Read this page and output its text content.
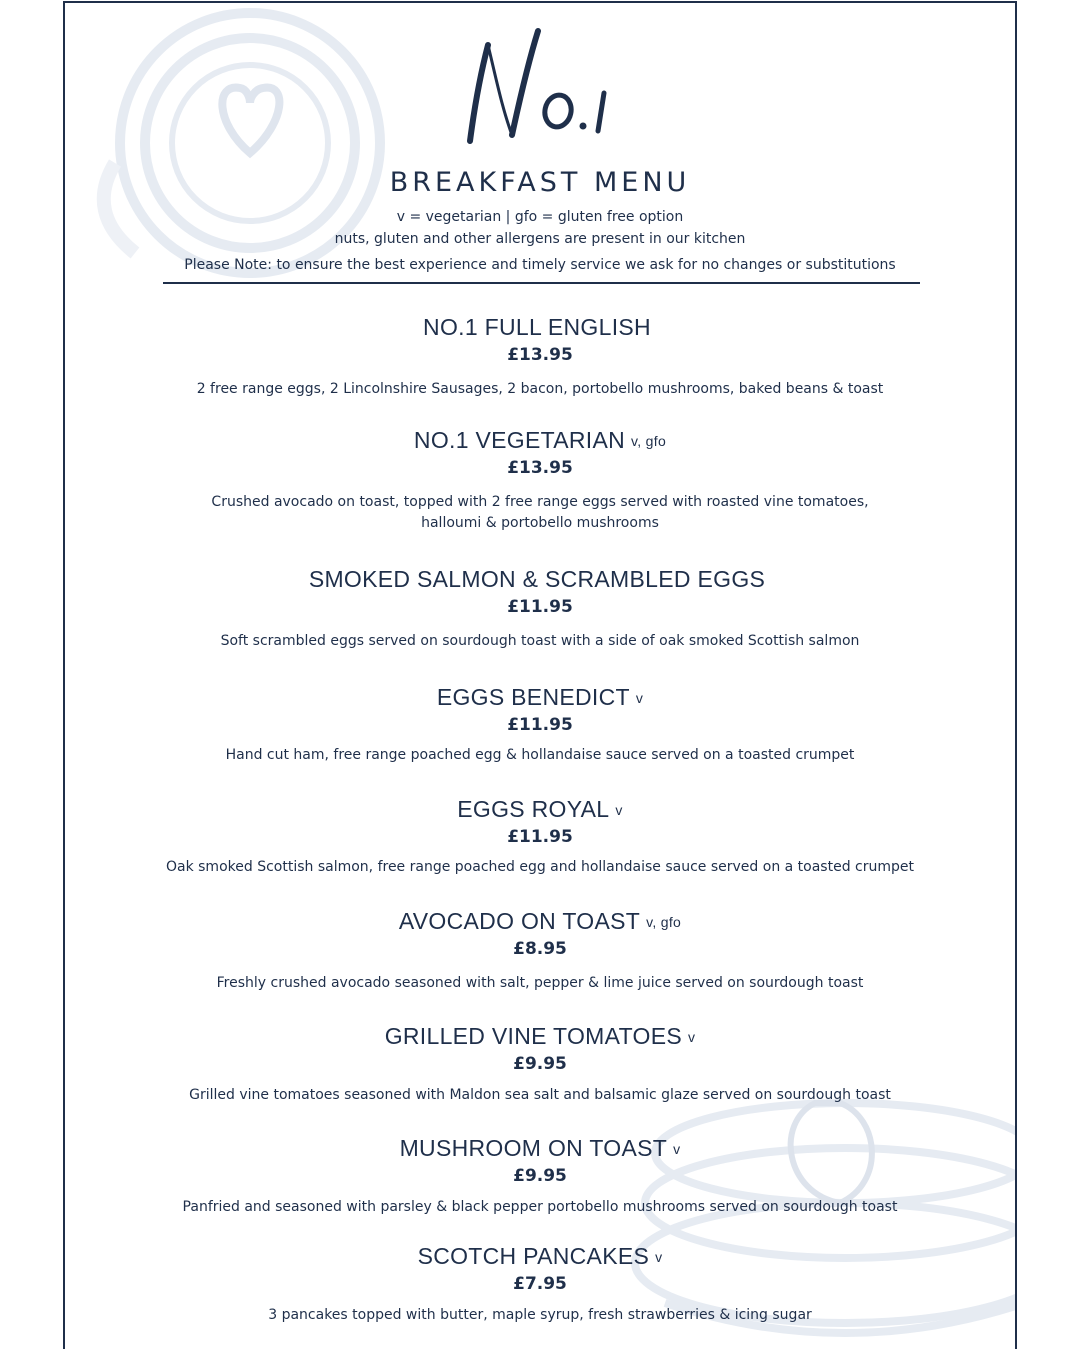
BREAKFAST MENU
v = vegetarian | gfo = gluten free option
nuts, gluten and other allergens are present in our kitchen
Please Note: to ensure the best experience and timely service we ask for no changes or substitutions
NO.1 FULL ENGLISH
£13.95
2 free range eggs, 2 Lincolnshire Sausages, 2 bacon, portobello mushrooms, baked beans & toast
NO.1 VEGETARIAN v, gfo
£13.95
Crushed avocado on toast, topped with 2 free range eggs served with roasted vine tomatoes,
halloumi & portobello mushrooms
SMOKED SALMON & SCRAMBLED EGGS
£11.95
Soft scrambled eggs served on sourdough toast with a side of oak smoked Scottish salmon
EGGS BENEDICT v
£11.95
Hand cut ham, free range poached egg & hollandaise sauce served on a toasted crumpet
EGGS ROYAL v
£11.95
Oak smoked Scottish salmon, free range poached egg and hollandaise sauce served on a toasted crumpet
AVOCADO ON TOAST v, gfo
£8.95
Freshly crushed avocado seasoned with salt, pepper & lime juice served on sourdough toast
GRILLED VINE TOMATOES v
£9.95
Grilled vine tomatoes seasoned with Maldon sea salt and balsamic glaze served on sourdough toast
MUSHROOM ON TOAST v
£9.95
Panfried and seasoned with parsley & black pepper portobello mushrooms served on sourdough toast
SCOTCH PANCAKES v
£7.95
3 pancakes topped with butter, maple syrup, fresh strawberries & icing sugar
